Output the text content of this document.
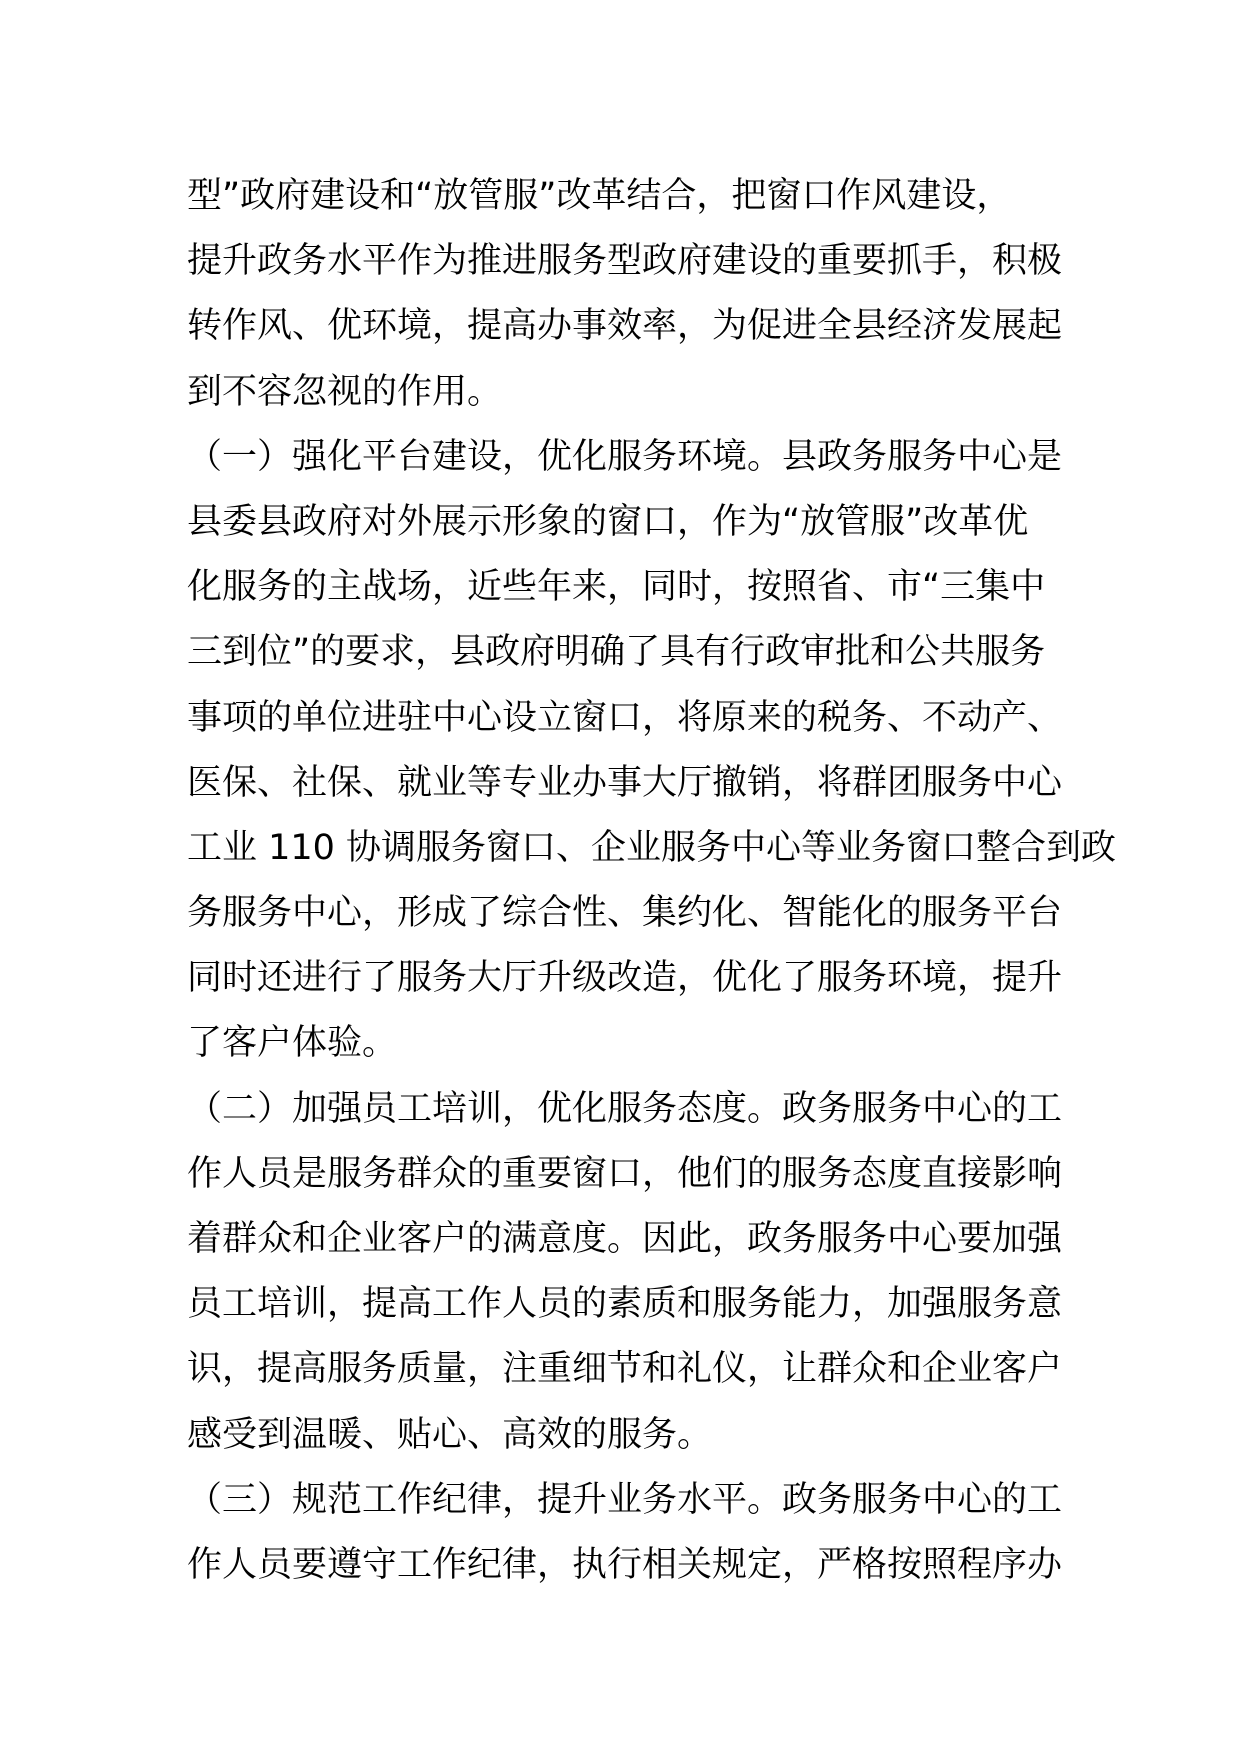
型”政府建设和“放管服”改革结合，把窗口作风建设，
提升政务水平作为推进服务型政府建设的重要抓手，积极
转作风、优环境，提高办事效率，为促进全县经济发展起
到不容忽视的作用。
（一）强化平台建设，优化服务环境。县政务服务中心是
县委县政府对外展示形象的窗口，作为“放管服”改革优
化服务的主战场，近些年来，同时，按照省、市“三集中
三到位”的要求，县政府明确了具有行政审批和公共服务
事项的单位进驻中心设立窗口，将原来的税务、不动产、
医保、社保、就业等专业办事大厅撤销，将群团服务中心
工业 110 协调服务窗口、企业服务中心等业务窗口整合到政
务服务中心，形成了综合性、集约化、智能化的服务平台
同时还进行了服务大厅升级改造，优化了服务环境，提升
了客户体验。
（二）加强员工培训，优化服务态度。政务服务中心的工
作人员是服务群众的重要窗口，他们的服务态度直接影响
着群众和企业客户的满意度。因此，政务服务中心要加强
员工培训，提高工作人员的素质和服务能力，加强服务意
识，提高服务质量，注重细节和礼仪，让群众和企业客户
感受到温暖、贴心、高效的服务。
（三）规范工作纪律，提升业务水平。政务服务中心的工
作人员要遵守工作纪律，执行相关规定，严格按照程序办
